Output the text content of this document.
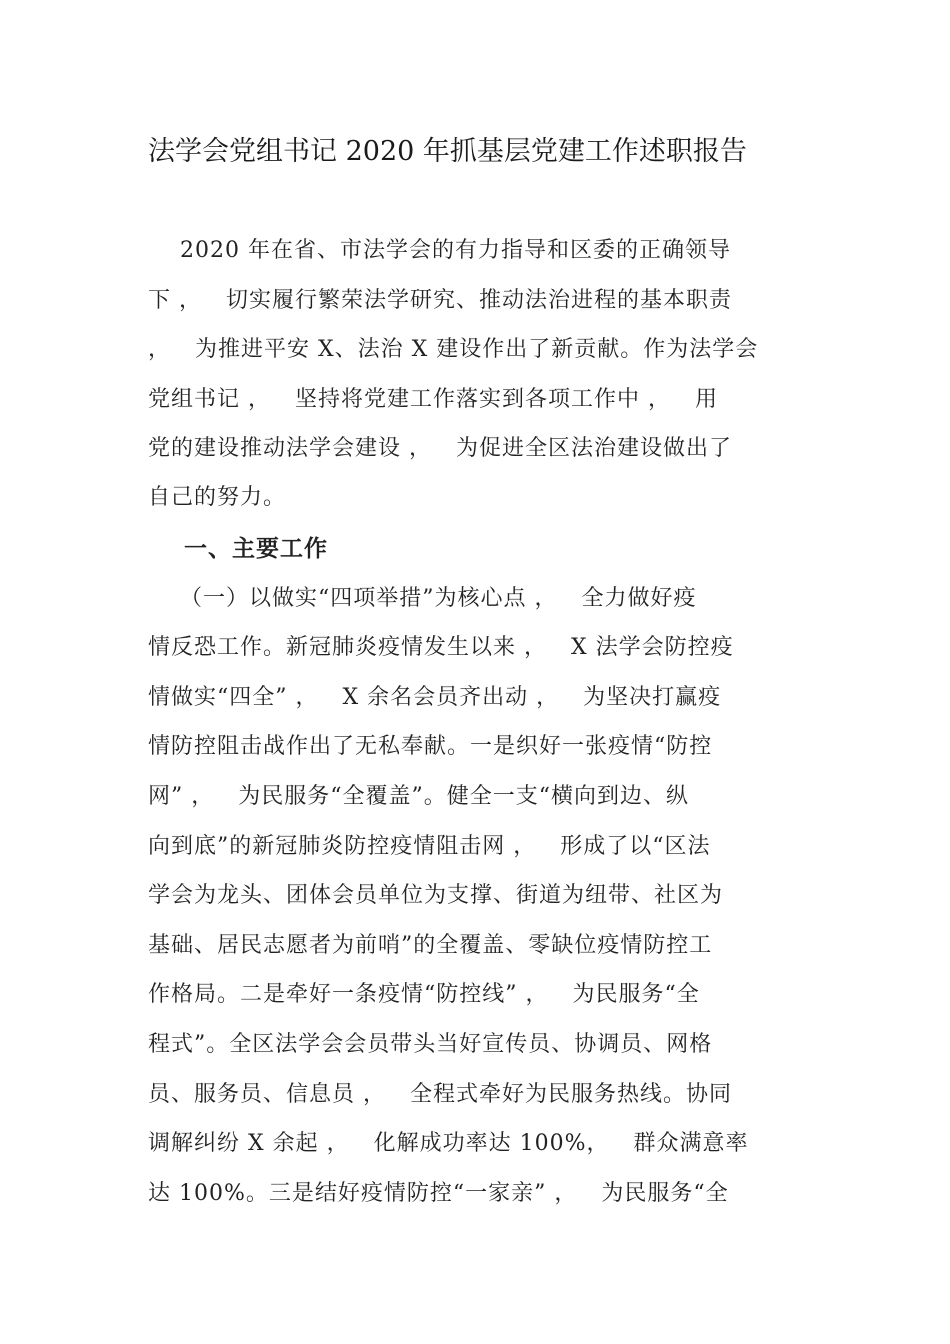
法学会党组书记 2020 年抓基层党建工作述职报告
2020 年在省、市法学会的有力指导和区委的正确领导
下 ，   切实履行繁荣法学研究、推动法治进程的基本职责
，   为推进平安 X、法治 X 建设作出了新贡献。作为法学会
党组书记 ，   坚持将党建工作落实到各项工作中 ，   用
党的建设推动法学会建设 ，   为促进全区法治建设做出了
自己的努力。
一、主要工作
（一）以做实“四项举措”为核心点 ，   全力做好疫
情反恐工作。新冠肺炎疫情发生以来 ，   X 法学会防控疫
情做实“四全” ，   X 余名会员齐出动 ，   为坚决打赢疫
情防控阻击战作出了无私奉献。一是织好一张疫情“防控
网” ，   为民服务“全覆盖”。健全一支“横向到边、纵
向到底”的新冠肺炎防控疫情阻击网 ，   形成了以“区法
学会为龙头、团体会员单位为支撑、街道为纽带、社区为
基础、居民志愿者为前哨”的全覆盖、零缺位疫情防控工
作格局。二是牵好一条疫情“防控线” ，   为民服务“全
程式”。全区法学会会员带头当好宣传员、协调员、网格
员、服务员、信息员 ，   全程式牵好为民服务热线。协同
调解纠纷 X 余起 ，   化解成功率达 100%，   群众满意率
达 100%。三是结好疫情防控“一家亲” ，   为民服务“全
